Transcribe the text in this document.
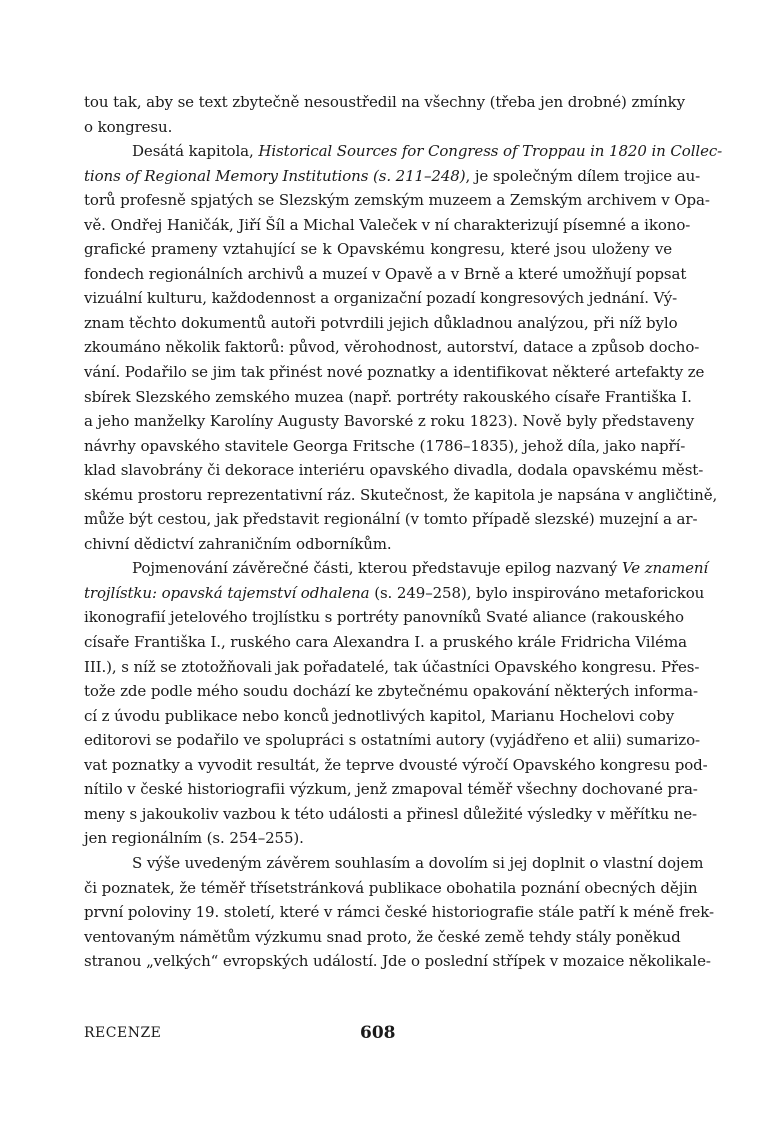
tou tak, aby se text zbytečně nesoustředil na všechny (třeba jen drobné) zmínky
o kongresu.
Desátá kapitola, Historical Sources for Congress of Troppau in 1820 in Collec-
tions of Regional Memory Institutions (s. 211–248), je společným dílem trojice au-
torů profesně spjatých se Slezským zemským muzeem a Zemským archivem v Opa-
vě. Ondřej Haničák, Jiří Šíl a Michal Valeček v ní charakterizují písemné a ikono-
grafické prameny vztahující se k Opavskému kongresu, které jsou uloženy ve
fondech regionálních archivů a muzeí v Opavě a v Brně a které umožňují popsat
vizuální kulturu, každodennost a organizační pozadí kongresových jednání. Vý-
znam těchto dokumentů autoři potvrdili jejich důkladnou analýzou, při níž bylo
zkoumáno několik faktorů: původ, věrohodnost, autorství, datace a způsob docho-
vání. Podařilo se jim tak přinést nové poznatky a identifikovat některé artefakty ze
sbírek Slezského zemského muzea (např. portréty rakouského císaře Františka I.
a jeho manželky Karolíny Augusty Bavorské z roku 1823). Nově byly představeny
návrhy opavského stavitele Georga Fritsche (1786–1835), jehož díla, jako napří-
klad slavobrány či dekorace interiéru opavského divadla, dodala opavskému měst-
skému prostoru reprezentativní ráz. Skutečnost, že kapitola je napsána v angličtině,
může být cestou, jak představit regionální (v tomto případě slezské) muzejní a ar-
chivní dědictví zahraničním odborníkům.
Pojmenování závěrečné části, kterou představuje epilog nazvaný Ve znamení
trojlístku: opavská tajemství odhalena (s. 249–258), bylo inspirováno metaforickou
ikonografií jetelového trojlístku s portréty panovníků Svaté aliance (rakouského
císaře Františka I., ruského cara Alexandra I. a pruského krále Fridricha Viléma
III.), s níž se ztotožňovali jak pořadatelé, tak účastníci Opavského kongresu. Přes-
tože zde podle mého soudu dochází ke zbytečnému opakování některých informa-
cí z úvodu publikace nebo konců jednotlivých kapitol, Marianu Hochelovi coby
editorovi se podařilo ve spolupráci s ostatními autory (vyjádřeno et alii) sumarizo-
vat poznatky a vyvodit resultát, že teprve dvousté výročí Opavského kongresu pod-
nítilo v české historiografii výzkum, jenž zmapoval téměř všechny dochované pra-
meny s jakoukoliv vazbou k této události a přinesl důležité výsledky v měřítku ne-
jen regionálním (s. 254–255).
S výše uvedeným závěrem souhlasím a dovolím si jej doplnit o vlastní dojem
či poznatek, že téměř třísetstránková publikace obohatila poznání obecných dějin
první poloviny 19. století, které v rámci české historiografie stále patří k méně frek-
ventovaným námětům výzkumu snad proto, že české země tehdy stály poněkud
stranou „velkých“ evropských událostí. Jde o poslední střípek v mozaice několikale-
RECENZE	608
